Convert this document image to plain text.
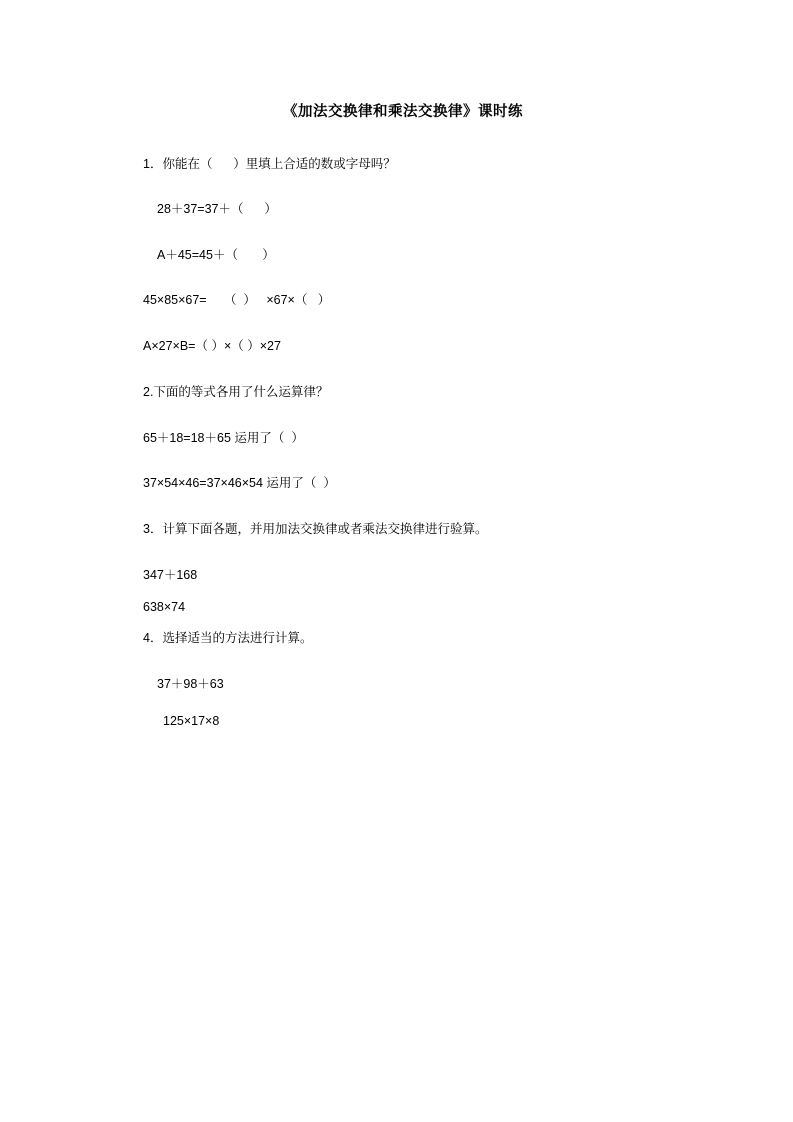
《加法交换律和乘法交换律》课时练
1．你能在（      ）里填上合适的数或字母吗？
28＋37=37＋（      ）
A＋45=45＋（       ）
45×85×67=     （  ）   ×67×（   ）
A×27×B=（ ）×（ ）×27
2.下面的等式各用了什么运算律？
65＋18=18＋65 运用了（  ）
37×54×46=37×46×54 运用了（  ）
3．计算下面各题，并用加法交换律或者乘法交换律进行验算。
347＋168
638×74
4．选择适当的方法进行计算。
37＋98＋63
125×17×8
